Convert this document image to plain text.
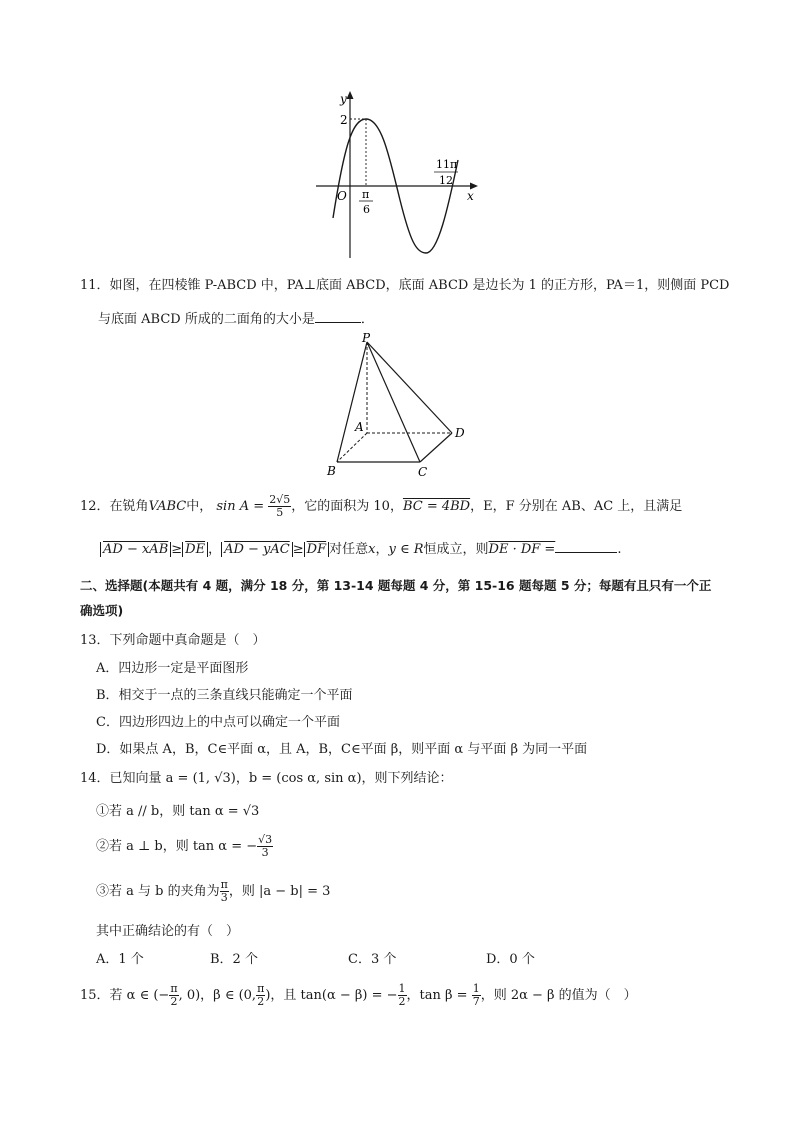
y
x
O
2
π
6
11π
12
11．如图，在四棱锥 P-ABCD 中，PA⊥底面 ABCD，底面 ABCD 是边长为 1 的正方形，PA＝1，则侧面 PCD
与底面 ABCD 所成的二面角的大小是	．
P
A
B	C
D
12．在锐角VABC中， $\sin A = \frac{2√5}{5}$ ，它的面积为 10，BC = 4BD，E，F 分别在 AB、AC 上，且满足
AD − xAB ≥ $\overline{DE}$ ， AD − yAC ≥ $\overline{DF}$ 对任意x，y ∈ R恒成立，则DE · DF =	.
二、选择题(本题共有 4 题，满分 18 分，第 13-14 题每题 4 分，第 15-16 题每题 5 分；每题有且只有一个正
确选项)
13．下列命题中真命题是（　）
A．四边形一定是平面图形
B．相交于一点的三条直线只能确定一个平面
C．四边形四边上的中点可以确定一个平面
D．如果点 A，B，C∈平面 α，且 A，B，C∈平面 β，则平面 α 与平面 β 为同一平面
14．已知向量 a = (1, √3)，b = (cos α, sin α)，则下列结论：
①若 a // b，则 tan α = √3
②若 a ⊥ b，则 tan α = − $\frac{√3}{3}$
③若 a 与 b 的夹角为 $\frac{\pi}{3}$ ，则 |a − b| = 3
其中正确结论的有（　）
A．1 个	B．2 个	C．3 个	D．0 个
15．若 α ∈ (− $\frac{\pi}{2}$ , 0)，β ∈ (0, $\frac{\pi}{2}$ )，且 tan(α − β) = − $\frac{1}{2}$ ，$\tan \beta = \frac{1}{7}$ ，则 2α − β 的值为（　）
